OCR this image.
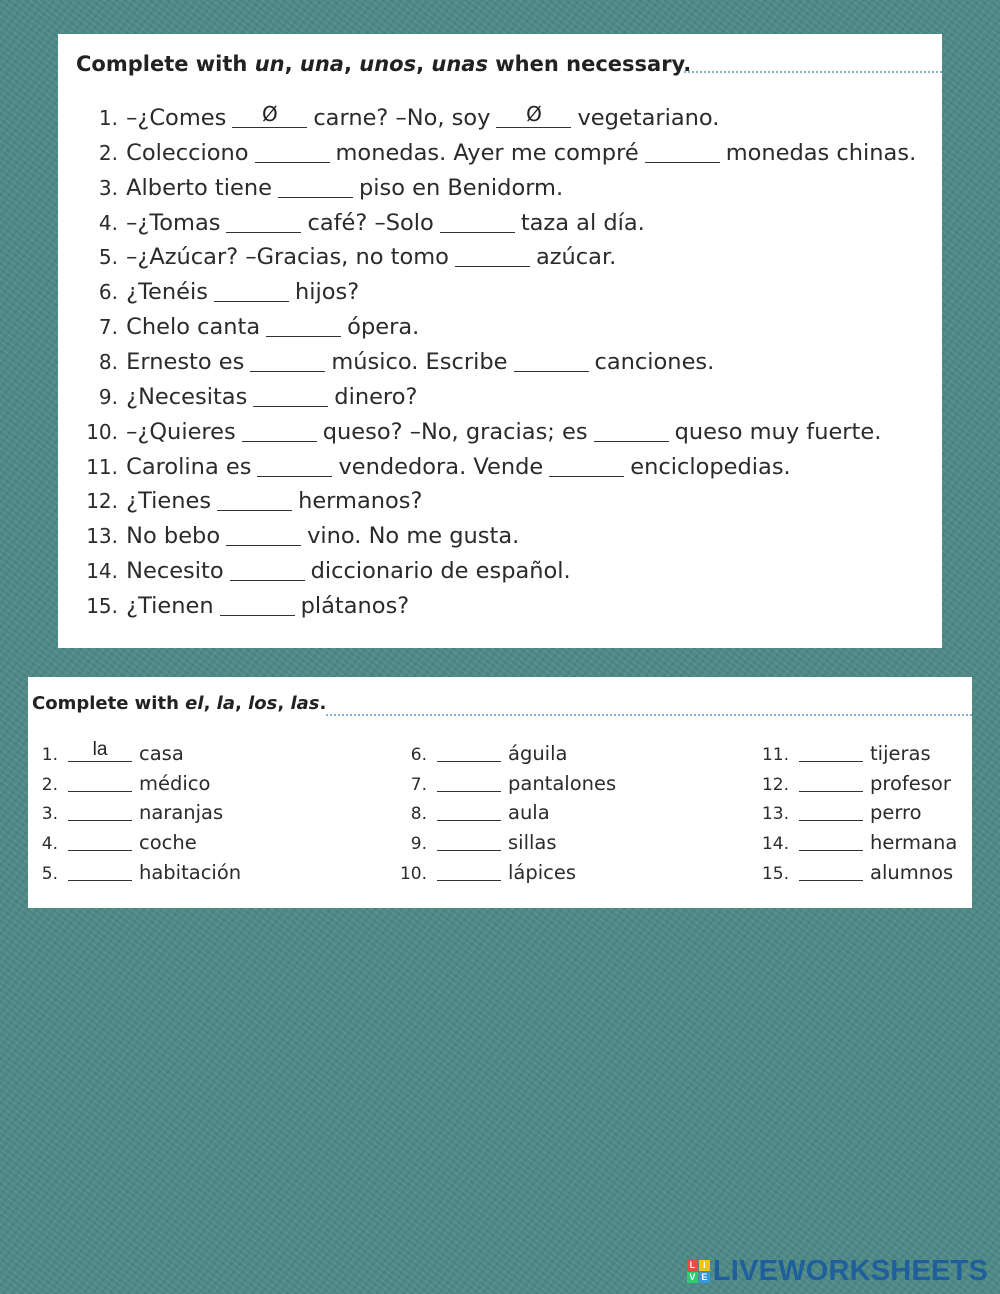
Complete with un, una, unos, unas when necessary.
1. –¿Comes	Ø	carne? –No, soy	Ø	vegetariano.
2. Colecciono	monedas. Ayer me compré	monedas chinas.
3. Alberto tiene	piso en Benidorm.
4. –¿Tomas	café? –Solo	taza al día.
5. –¿Azúcar? –Gracias, no tomo	azúcar.
6. ¿Tenéis	hijos?
7. Chelo canta	ópera.
8. Ernesto es	músico. Escribe	canciones.
9. ¿Necesitas	dinero?
10. –¿Quieres	queso? –No, gracias; es	queso muy fuerte.
11. Carolina es	vendedora. Vende	enciclopedias.
12. ¿Tienes	hermanos?
13. No bebo	vino. No me gusta.
14. Necesito	diccionario de español.
15. ¿Tienen	plátanos?
Complete with el, la, los, las.
1.	la	casa
2.	médico
3.	naranjas
4.	coche
5.	habitación
6.	águila
7.	pantalones
8.	aula
9.	sillas
10.	lápices
11.	tijeras
12.	profesor
13.	perro
14.	hermana
15.	alumnos
L I
V E LIVEWORKSHEETS
